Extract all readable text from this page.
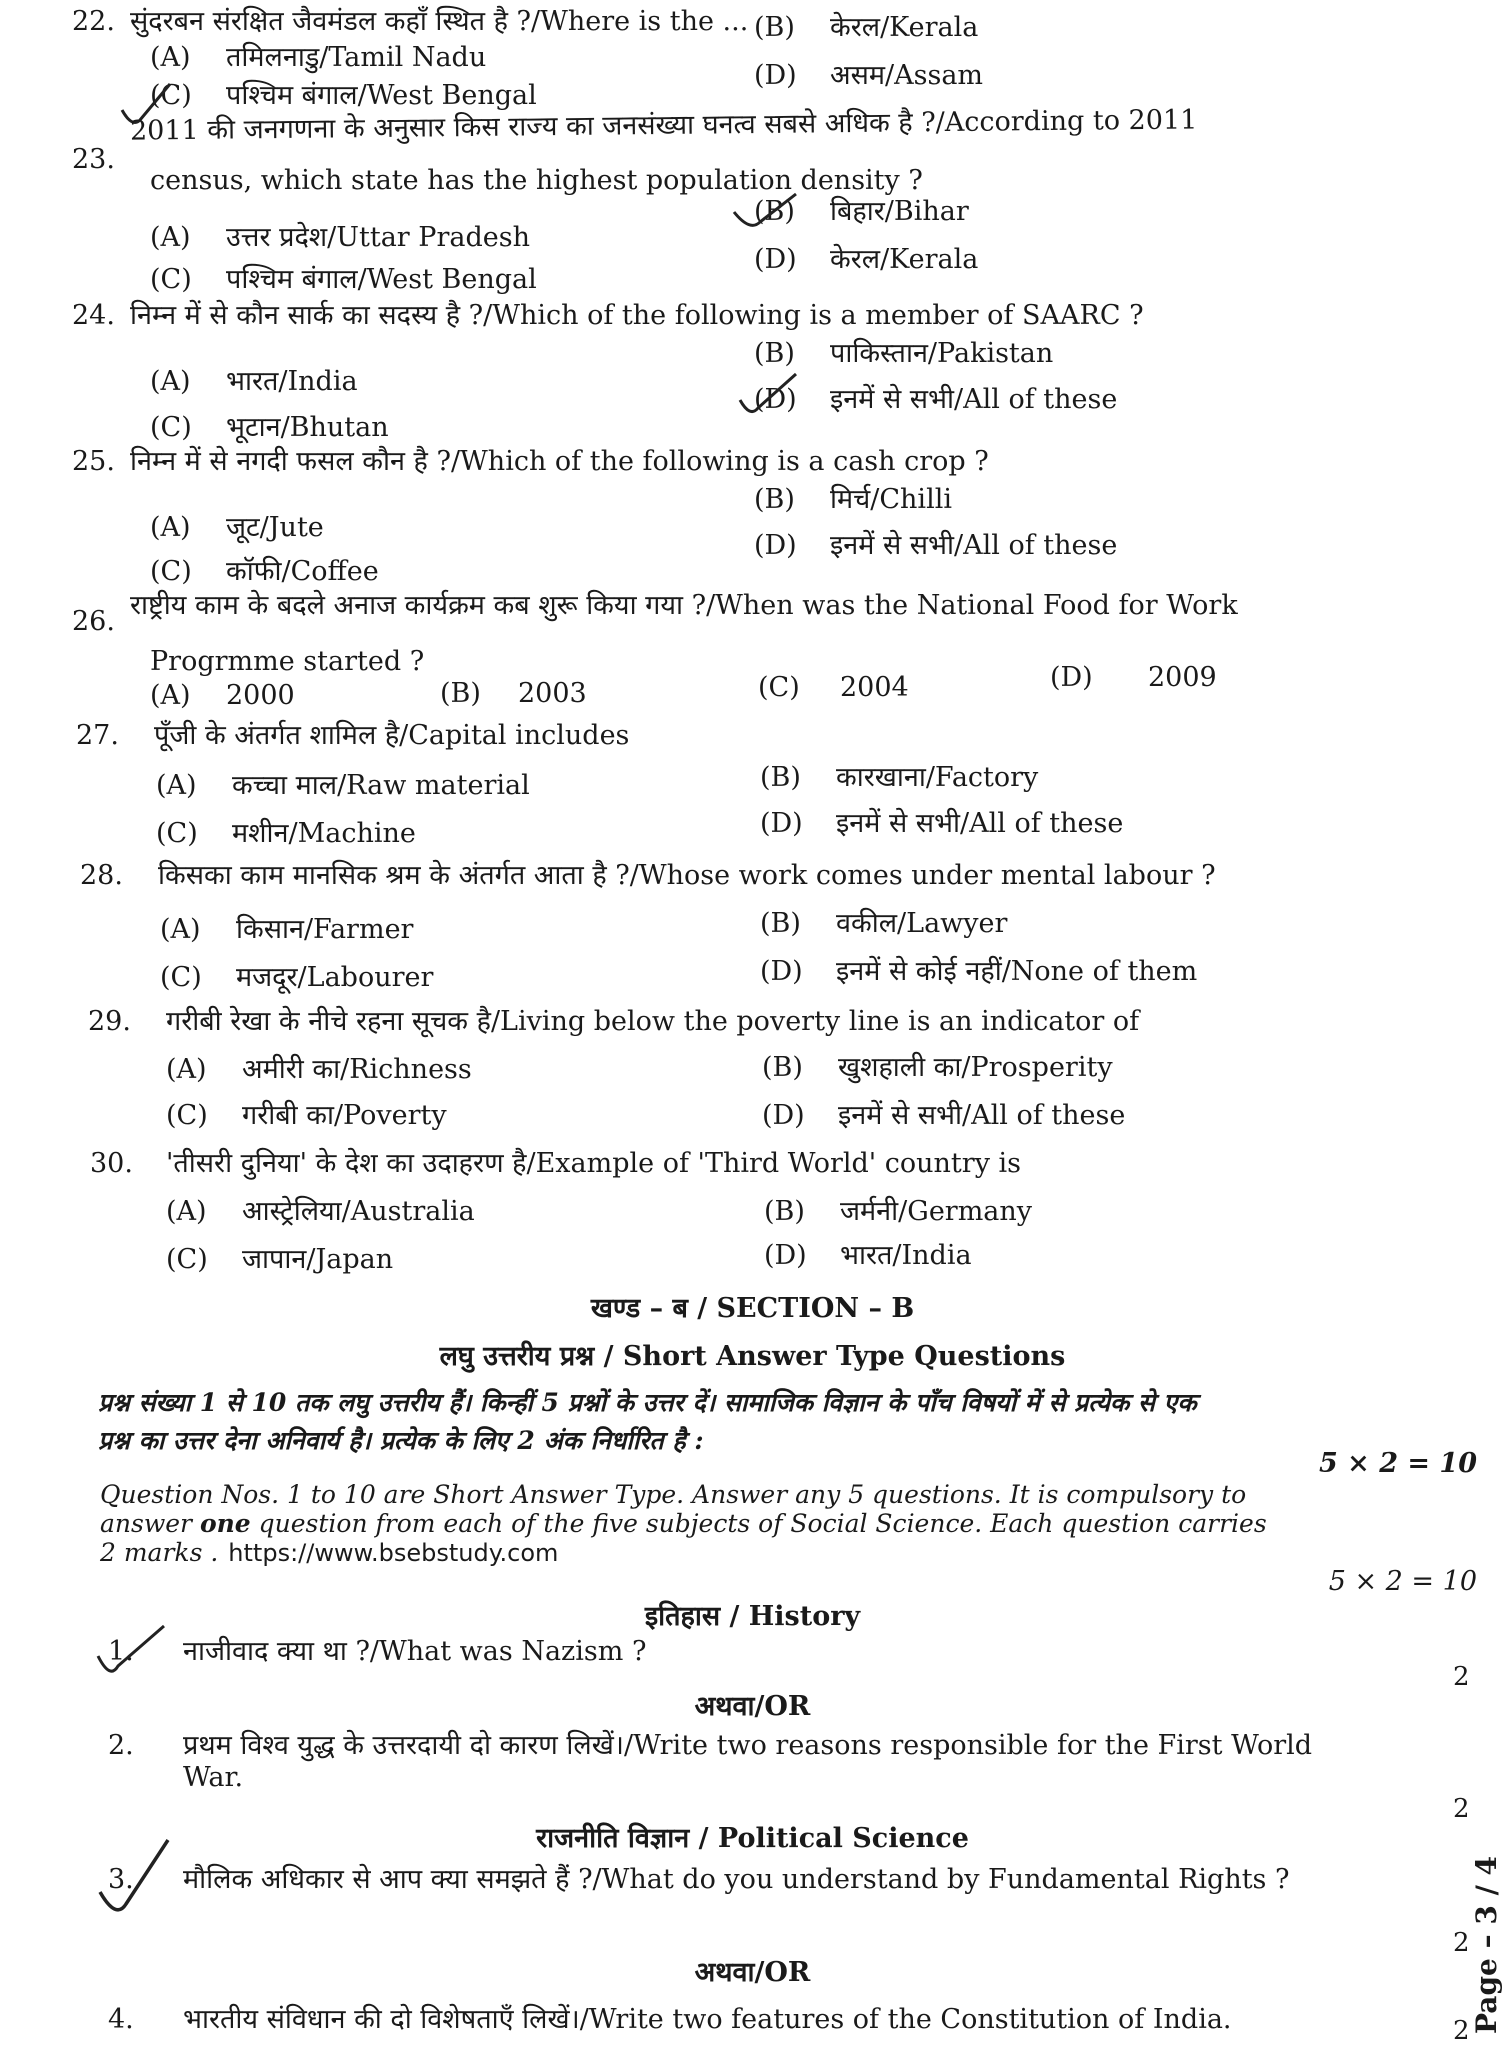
22. सुंदरबन संरक्षित जैवमंडल कहाँ स्थित है ?/Where is the ...
(A) तमिलनाडु/Tamil Nadu
(B) केरल/Kerala
(C) पश्चिम बंगाल/West Bengal
(D) असम/Assam
23.2011 की जनगणना के अनुसार किस राज्य का जनसंख्या घनत्व सबसे अधिक है ?/According to 2011
census, which state has the highest population density ?
(A) उत्तर प्रदेश/Uttar Pradesh
(B) बिहार/Bihar
(C) पश्चिम बंगाल/West Bengal
(D) केरल/Kerala
24. निम्न में से कौन सार्क का सदस्य है ?/Which of the following is a member of SAARC ?
(A) भारत/India
(B) पाकिस्तान/Pakistan
(C) भूटान/Bhutan
(D) इनमें से सभी/All of these
25. निम्न में से नगदी फसल कौन है ?/Which of the following is a cash crop ?
(A) जूट/Jute
(B) मिर्च/Chilli
(C) कॉफी/Coffee
(D) इनमें से सभी/All of these
26.राष्ट्रीय काम के बदले अनाज कार्यक्रम कब शुरू किया गया ?/When was the National Food for Work
Progrmme started ?
(A) 2000	(B) 2003	(C) 2004	(D) 2009
27. पूँजी के अंतर्गत शामिल है/Capital includes
(A) कच्चा माल/Raw material	(B) कारखाना/Factory
(C) मशीन/Machine	(D) इनमें से सभी/All of these
28. किसका काम मानसिक श्रम के अंतर्गत आता है ?/Whose work comes under mental labour ?
(A) किसान/Farmer	(B) वकील/Lawyer
(C) मजदूर/Labourer	(D) इनमें से कोई नहीं/None of them
29. गरीबी रेखा के नीचे रहना सूचक है/Living below the poverty line is an indicator of
(A) अमीरी का/Richness	(B) खुशहाली का/Prosperity
(C) गरीबी का/Poverty	(D) इनमें से सभी/All of these
30. 'तीसरी दुनिया' के देश का उदाहरण है/Example of 'Third World' country is
(A) आस्ट्रेलिया/Australia	(B) जर्मनी/Germany
(C) जापान/Japan	(D) भारत/India
खण्ड – ब / SECTION – B
लघु उत्तरीय प्रश्न / Short Answer Type Questions
प्रश्न संख्या 1 से 10 तक लघु उत्तरीय हैं। किन्हीं 5 प्रश्नों के उत्तर दें। सामाजिक विज्ञान के पाँच विषयों में से प्रत्येक से एक
प्रश्न का उत्तर देना अनिवार्य है। प्रत्येक के लिए 2 अंक निर्धारित है :
5 × 2 = 10
Question Nos. 1 to 10 are Short Answer Type. Answer any 5 questions. It is compulsory to
answer one question from each of the five subjects of Social Science. Each question carries
2 marks . https://www.bsebstudy.com
5 × 2 = 10
इतिहास / History
1. नाजीवाद क्या था ?/What was Nazism ?
2
अथवा/OR
2. प्रथम विश्व युद्ध के उत्तरदायी दो कारण लिखें।/Write two reasons responsible for the First World
War.
2
राजनीति विज्ञान / Political Science
3. मौलिक अधिकार से आप क्या समझते हैं ?/What do you understand by Fundamental Rights ?
2
अथवा/OR
4. भारतीय संविधान की दो विशेषताएँ लिखें।/Write two features of the Constitution of India.	2 Page – 3 / 4
